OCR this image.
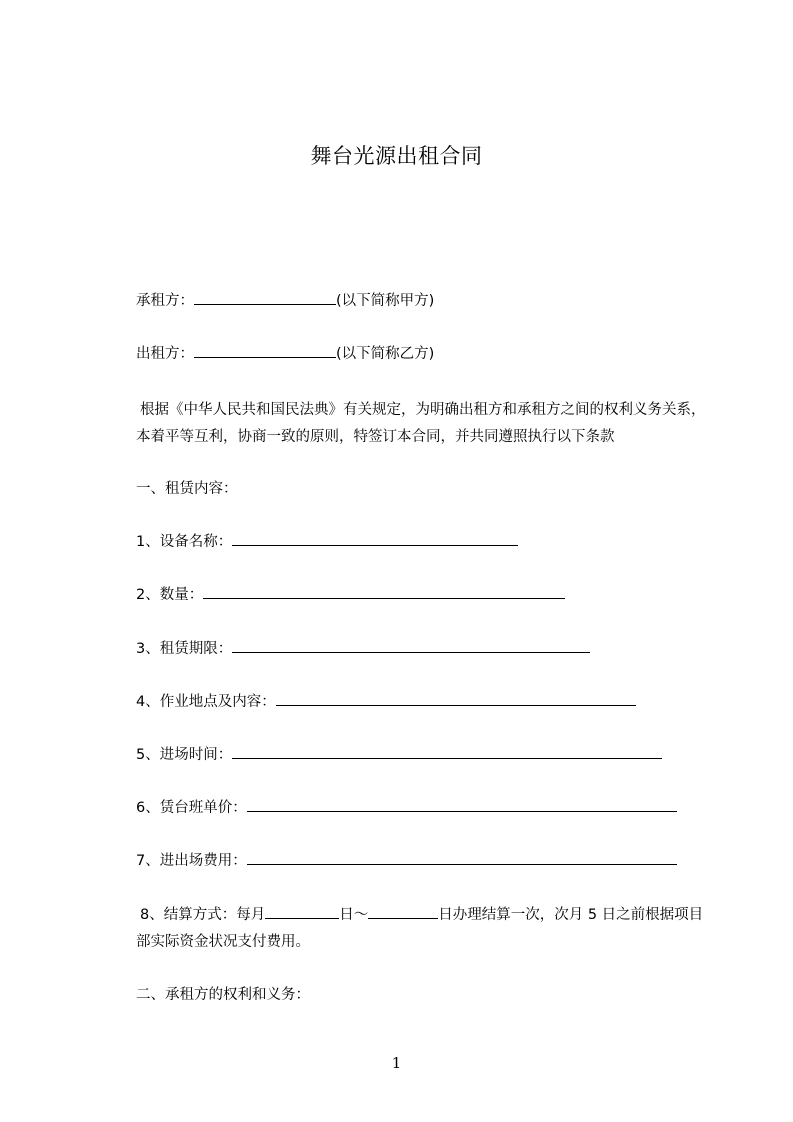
舞台光源出租合同
承租方：	(以下简称甲方)
出租方：	(以下简称乙方)
根据《中华人民共和国民法典》有关规定，为明确出租方和承租方之间的权利义务关系，本着平等互利，协商一致的原则，特签订本合同，并共同遵照执行以下条款
一、租赁内容：
1、设备名称：
2、数量：
3、租赁期限：
4、作业地点及内容：
5、进场时间：
6、赁台班单价：
7、进出场费用：
8、结算方式：每月	日～	日办理结算一次，次月 5 日之前根据项目部实际资金状况支付费用。
二、承租方的权利和义务：
1
